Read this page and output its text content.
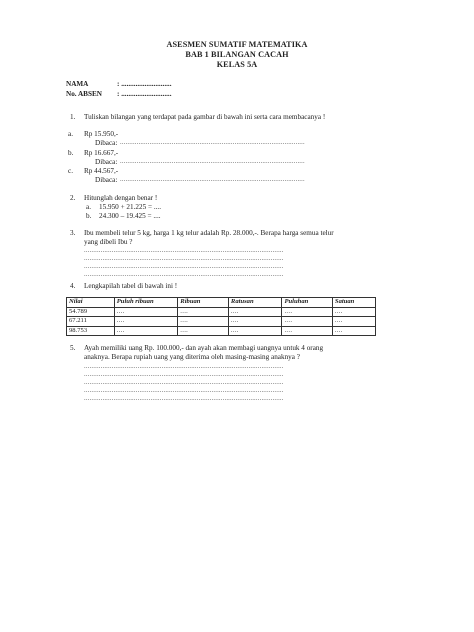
ASESMEN SUMATIF MATEMATIKA
BAB 1 BILANGAN CACAH
KELAS 5A
NAMA	: ............................
No. ABSEN : ............................
1. Tuliskan bilangan yang terdapat pada gambar di bawah ini serta cara membacanya !
a. Rp 15.950,-
Dibaca: ....................................................................................................
b. Rp 16.667,-
Dibaca: ....................................................................................................
c. Rp 44.567,-
Dibaca: ....................................................................................................
2. Hitunglah dengan benar !
a. 15.950 + 21.225 = ....
b. 24.300 – 19.425 = ....
3. Ibu membeli telur 5 kg, harga 1 kg telur adalah Rp. 28.000,-. Berapa harga semua telur
yang dibeli Ibu ?
............................................................................................................
............................................................................................................
............................................................................................................
............................................................................................................
4. Lengkapilah tabel di bawah ini !
Nilai	Puluh ribuan	Ribuan	Ratusan	Puluhan	Satuan
54.789	....	....	....	....	....
67.211	....	....	....	....	....
98.753	....	....	....	....	....
5. Ayah memiliki uang Rp. 100.000,- dan ayah akan membagi uangnya untuk 4 orang
anaknya. Berapa rupiah uang yang diterima oleh masing-masing anaknya ?
............................................................................................................
............................................................................................................
............................................................................................................
............................................................................................................
............................................................................................................
